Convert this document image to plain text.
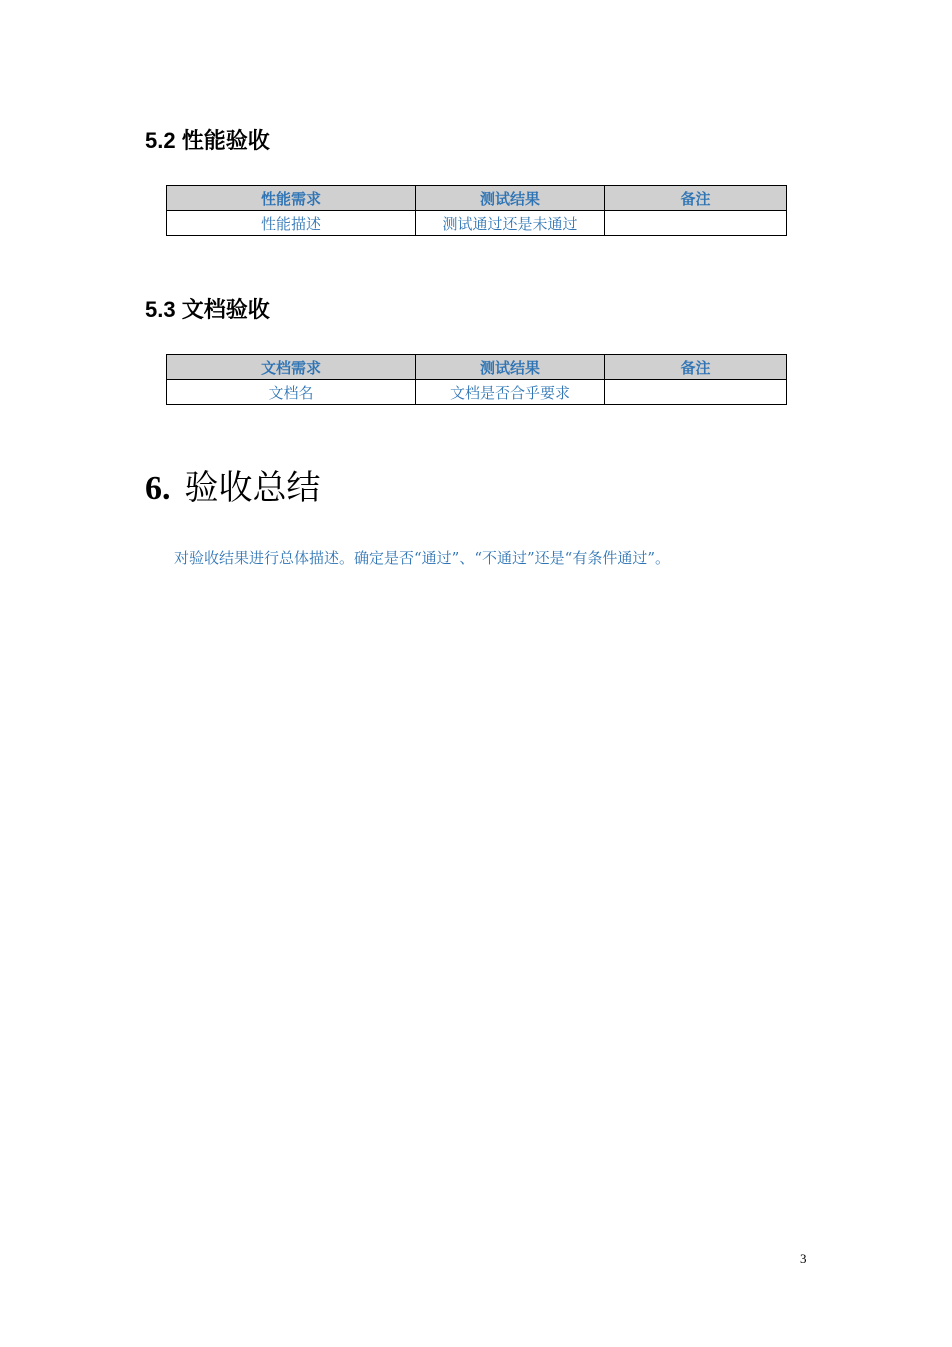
5.2 性能验收
性能需求	测试结果	备注
性能描述	测试通过还是未通过	
5.3 文档验收
文档需求	测试结果	备注
文档名	文档是否合乎要求	
6. 验收总结

对验收结果进行总体描述。确定是否“通过”、“不通过”还是“有条件通过”。

3
